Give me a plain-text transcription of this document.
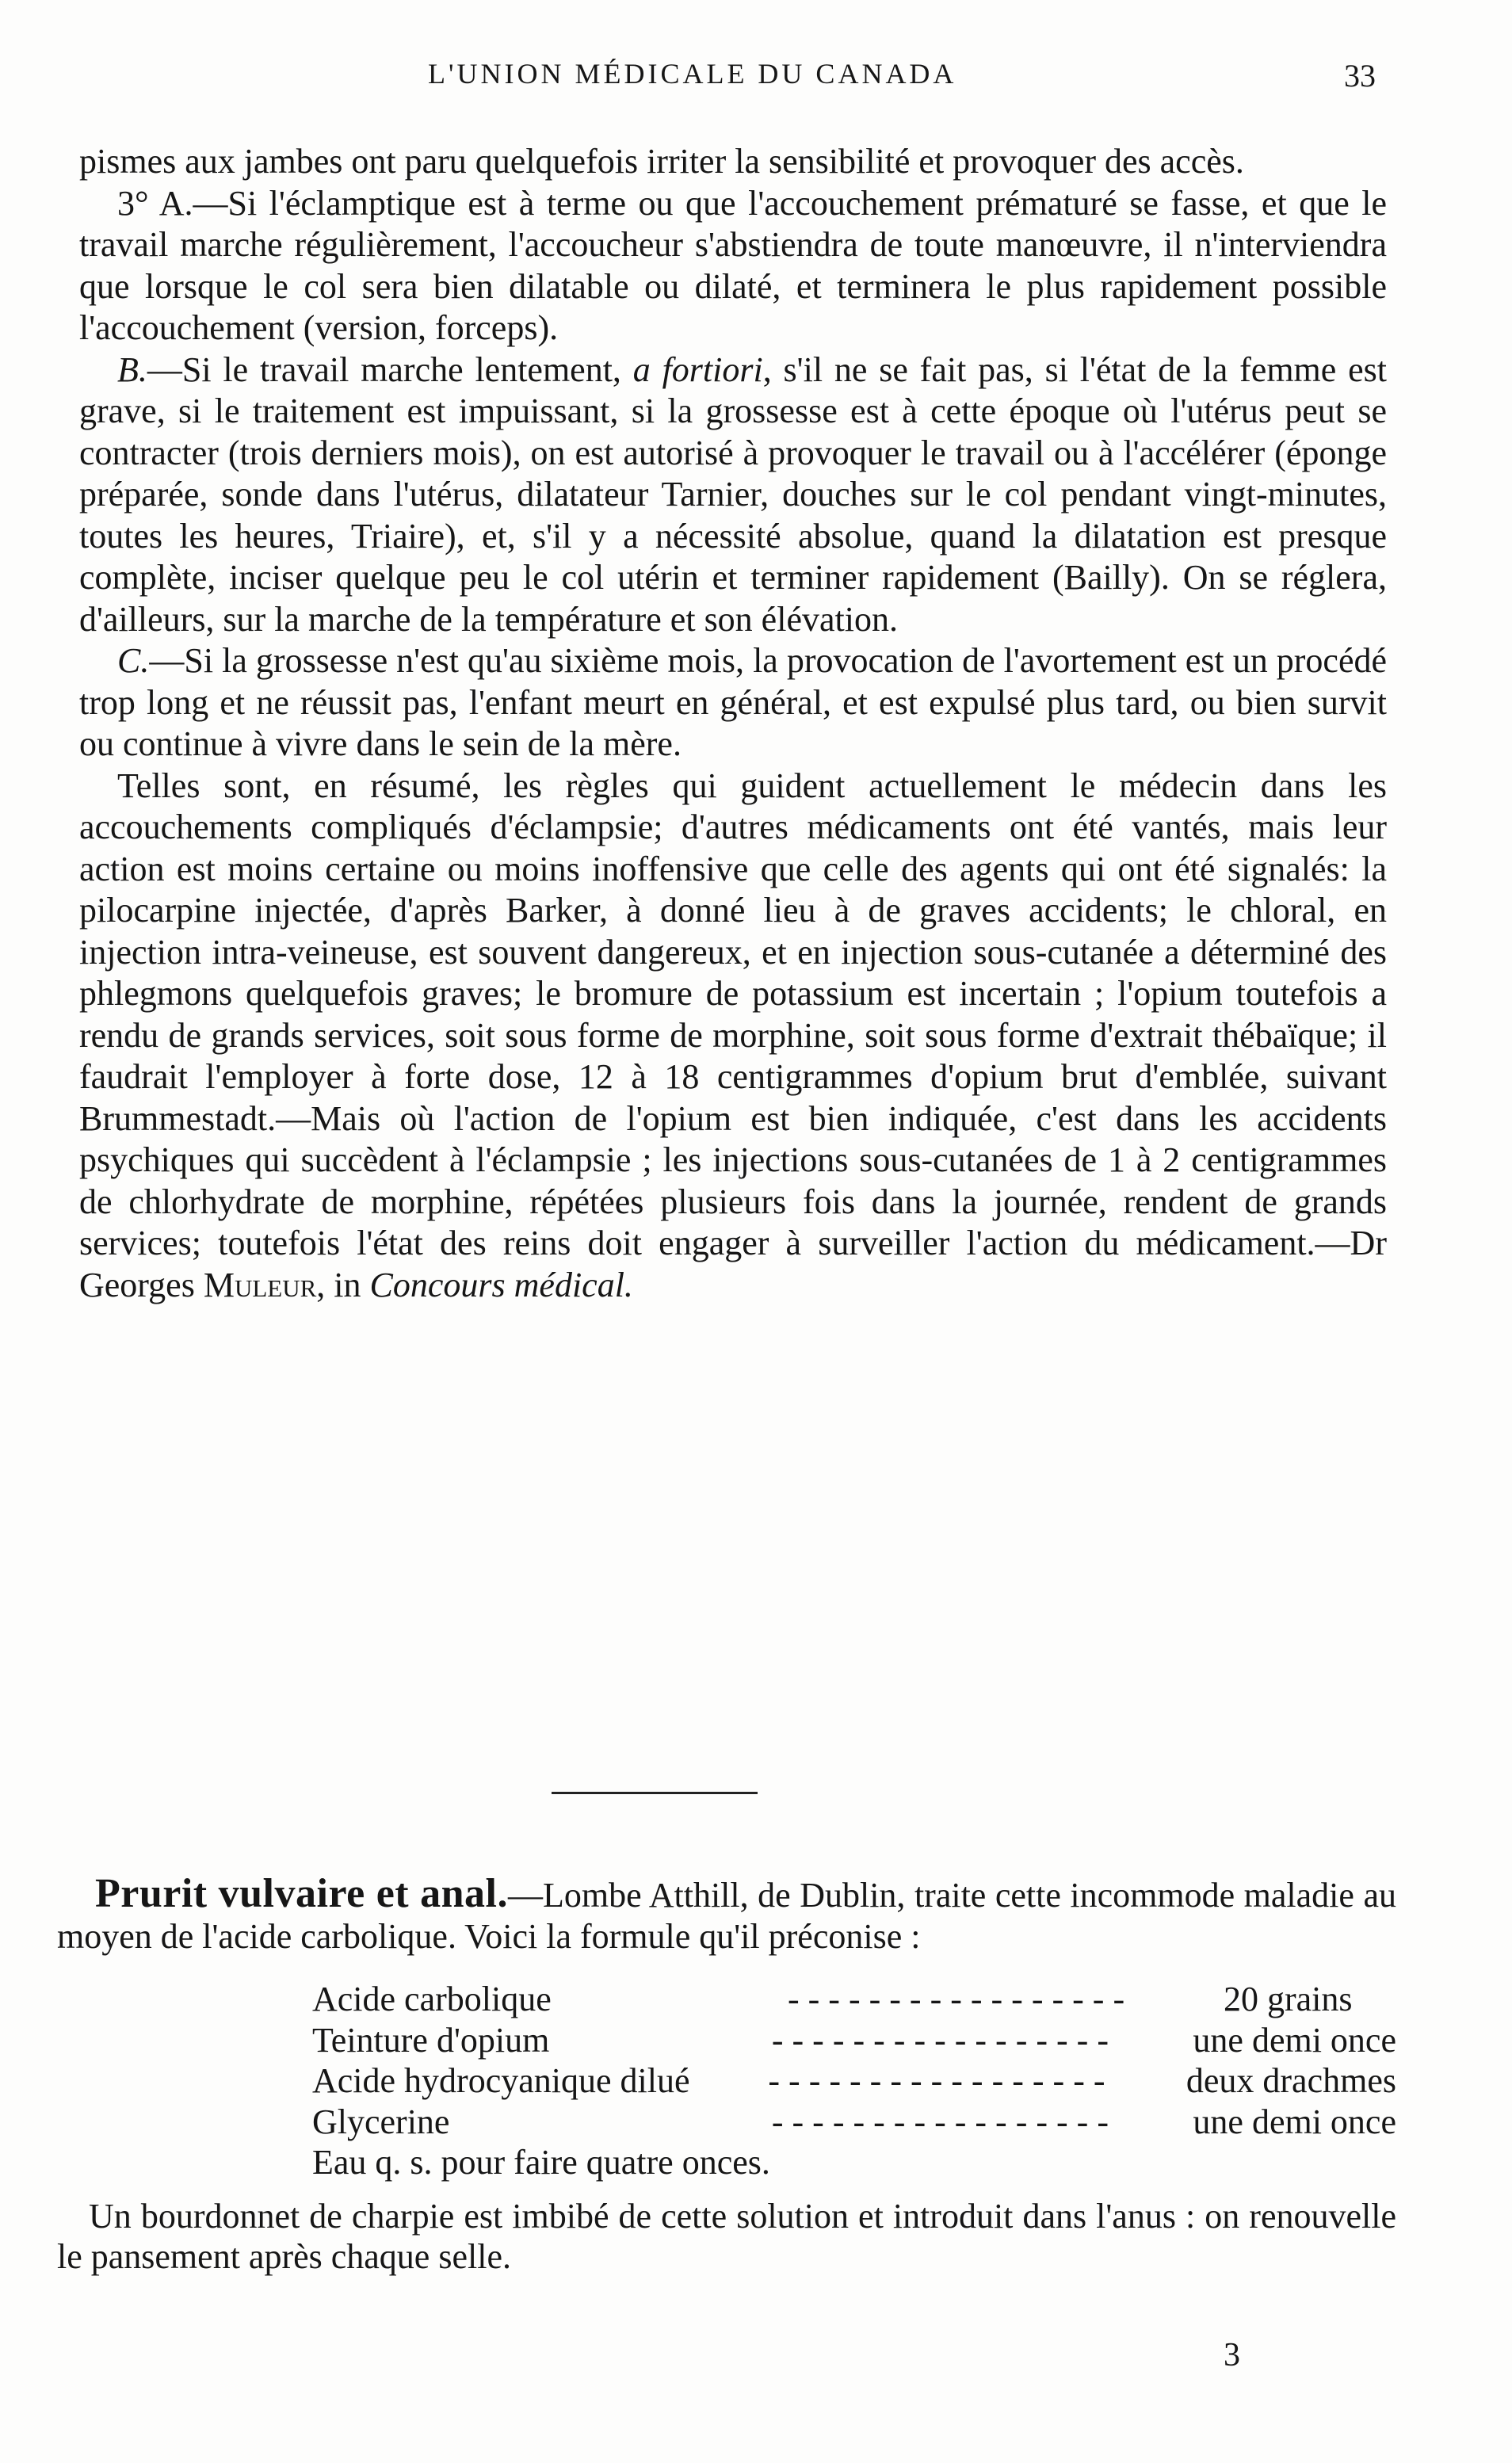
L'UNION MÉDICALE DU CANADA	33

pismes aux jambes ont paru quelquefois irriter la sensibilité et provoquer des accès.

3° A.—Si l'éclamptique est à terme ou que l'accouchement prématuré se fasse, et que le travail marche régulièrement, l'accoucheur s'abstiendra de toute manœuvre, il n'interviendra que lorsque le col sera bien dilatable ou dilaté, et terminera le plus rapidement possible l'accouchement (version, forceps).

B.—Si le travail marche lentement, a fortiori, s'il ne se fait pas, si l'état de la femme est grave, si le traitement est impuissant, si la grossesse est à cette époque où l'utérus peut se contracter (trois derniers mois), on est autorisé à provoquer le travail ou à l'accélérer (éponge préparée, sonde dans l'utérus, dilatateur Tarnier, douches sur le col pendant vingt-minutes, toutes les heures, Triaire), et, s'il y a nécessité absolue, quand la dilatation est presque complète, inciser quelque peu le col utérin et terminer rapidement (Bailly). On se réglera, d'ailleurs, sur la marche de la température et son élévation.

C.—Si la grossesse n'est qu'au sixième mois, la provocation de l'avortement est un procédé trop long et ne réussit pas, l'enfant meurt en général, et est expulsé plus tard, ou bien survit ou continue à vivre dans le sein de la mère.

Telles sont, en résumé, les règles qui guident actuellement le médecin dans les accouchements compliqués d'éclampsie; d'autres médicaments ont été vantés, mais leur action est moins certaine ou moins inoffensive que celle des agents qui ont été signalés: la pilocarpine injectée, d'après Barker, à donné lieu à de graves accidents; le chloral, en injection intra-veineuse, est souvent dangereux, et en injection sous-cutanée a déterminé des phlegmons quelquefois graves; le bromure de potassium est incertain ; l'opium toutefois a rendu de grands services, soit sous forme de morphine, soit sous forme d'extrait thébaïque; il faudrait l'employer à forte dose, 12 à 18 centigrammes d'opium brut d'emblée, suivant Brummestadt.—Mais où l'action de l'opium est bien indiquée, c'est dans les accidents psychiques qui succèdent à l'éclampsie ; les injections sous-cutanées de 1 à 2 centigrammes de chlorhydrate de morphine, répétées plusieurs fois dans la journée, rendent de grands services; toutefois l'état des reins doit engager à surveiller l'action du médicament.—Dr Georges Muleur, in Concours médical.

Prurit vulvaire et anal.—Lombe Atthill, de Dublin, traite cette incommode maladie au moyen de l'acide carbolique. Voici la formule qu'il préconise :

Acide carbolique - -	20 grains
Teinture d'opium - -	une demi once
Acide hydrocyanique dilué - -	deux drachmes
Glycerine - -	une demi once
Eau q. s. pour faire quatre onces.

Un bourdonnet de charpie est imbibé de cette solution et introduit dans l'anus : on renouvelle le pansement après chaque selle.

3
